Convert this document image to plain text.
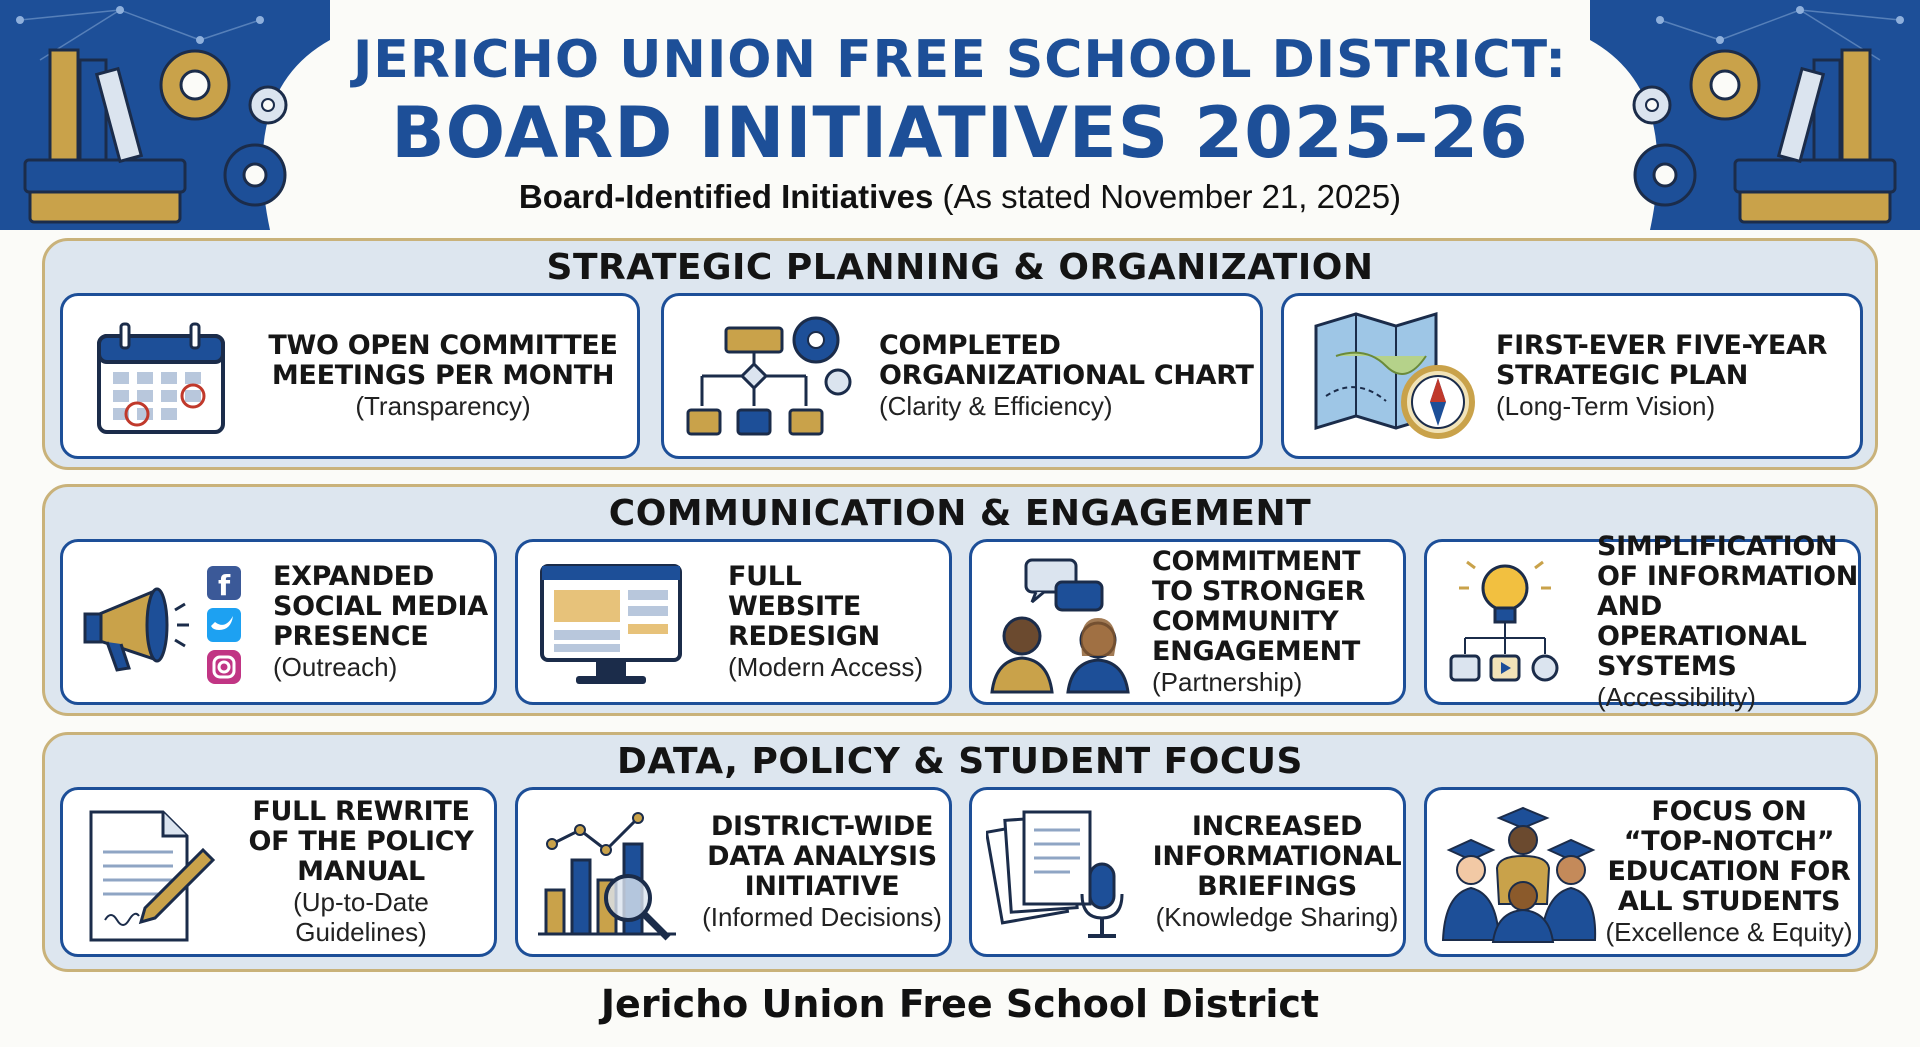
JERICHO UNION FREE SCHOOL DISTRICT:
BOARD INITIATIVES 2025–26
Board-Identified Initiatives (As stated November 21, 2025)
STRATEGIC PLANNING & ORGANIZATION
TWO OPEN COMMITTEE MEETINGS PER MONTH
(Transparency)
COMPLETED ORGANIZATIONAL CHART
(Clarity & Efficiency)
FIRST-EVER FIVE-YEAR STRATEGIC PLAN
(Long-Term Vision)
COMMUNICATION & ENGAGEMENT
f EXPANDED SOCIAL MEDIA PRESENCE
(Outreach)
FULL WEBSITE REDESIGN
(Modern Access)
COMMITMENT TO STRONGER COMMUNITY ENGAGEMENT
(Partnership)
SIMPLIFICATION OF INFORMATION AND OPERATIONAL SYSTEMS
(Accessibility)
DATA, POLICY & STUDENT FOCUS
FULL REWRITE OF THE POLICY MANUAL
(Up-to-Date Guidelines)
DISTRICT-WIDE DATA ANALYSIS INITIATIVE
(Informed Decisions)
INCREASED INFORMATIONAL BRIEFINGS
(Knowledge Sharing)
FOCUS ON “TOP-NOTCH” EDUCATION FOR ALL STUDENTS
(Excellence & Equity)
Jericho Union Free School District
